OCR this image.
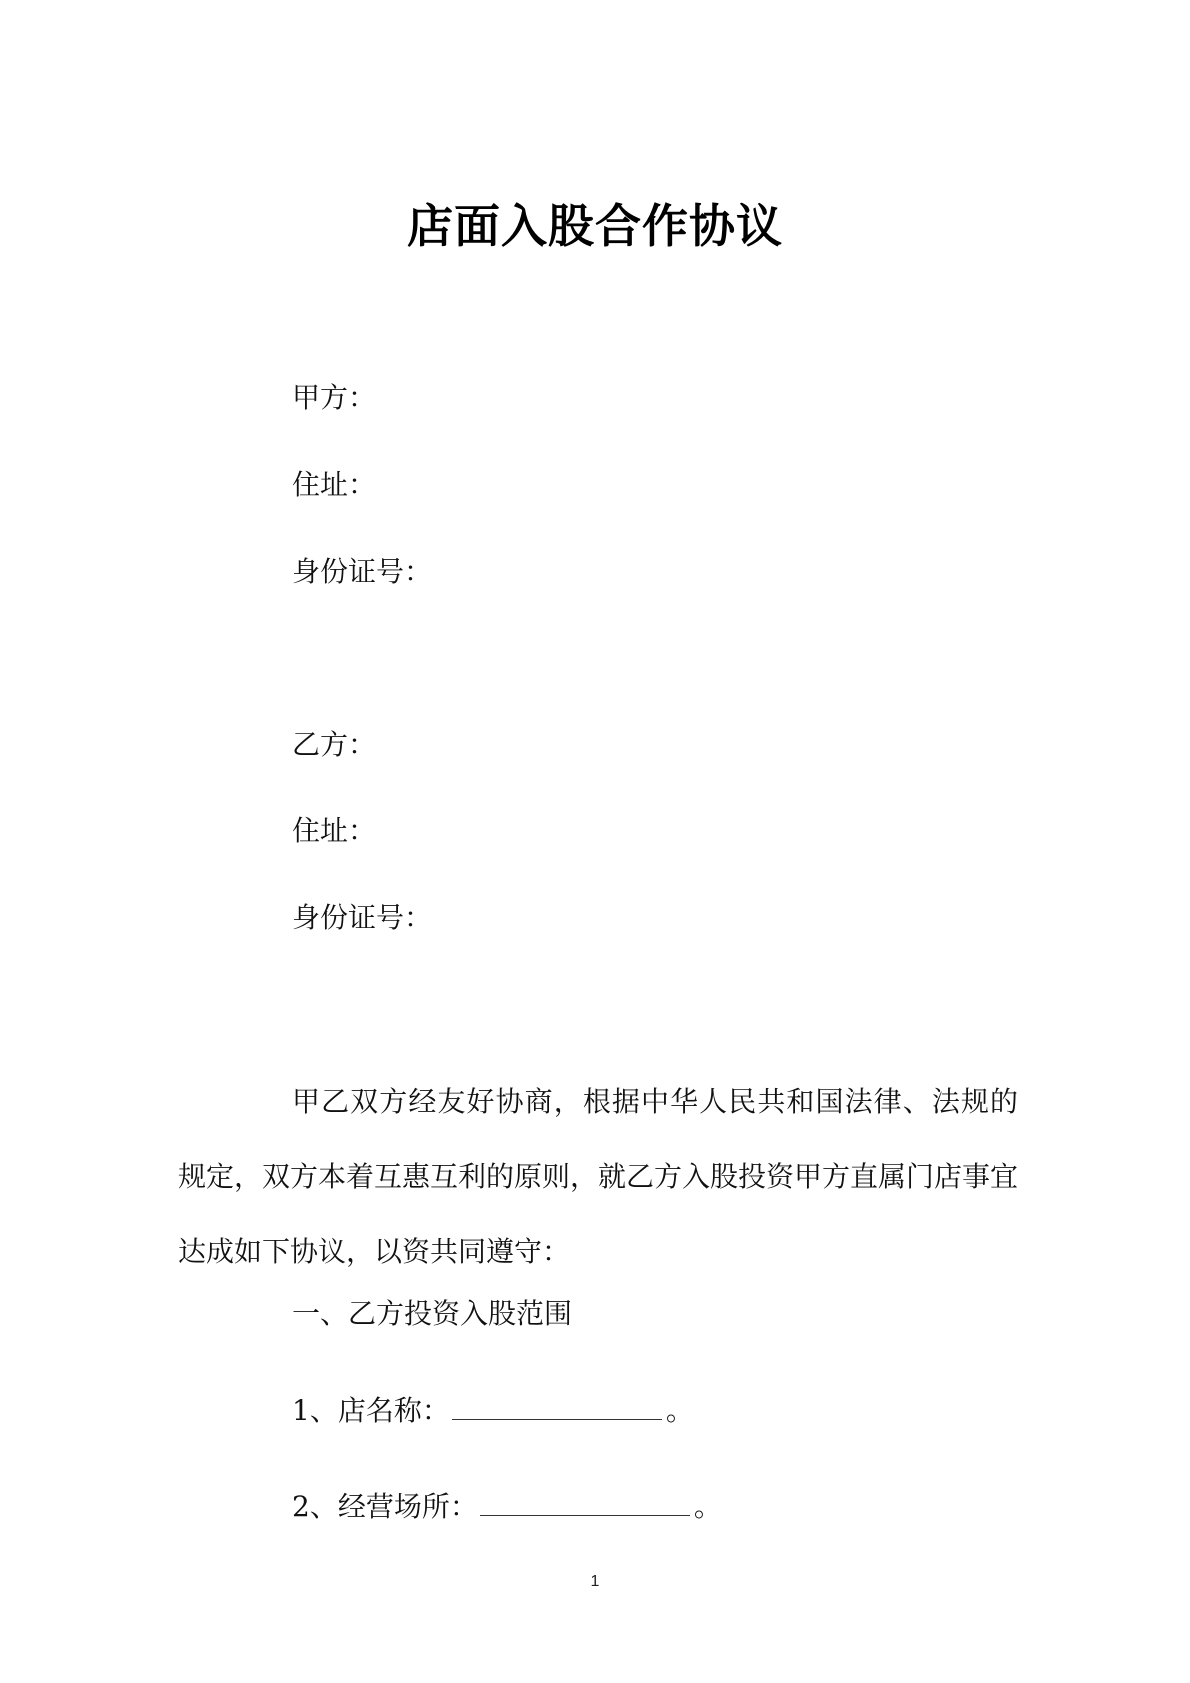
店面入股合作协议
甲方：
住址：
身份证号：
乙方：
住址：
身份证号：
甲乙双方经友好协商，根据中华人民共和国法律、法规的规定，双方本着互惠互利的原则，就乙方入股投资甲方直属门店事宜达成如下协议，以资共同遵守：
一、乙方投资入股范围
1、店名称：	。
2、经营场所：	。
1
